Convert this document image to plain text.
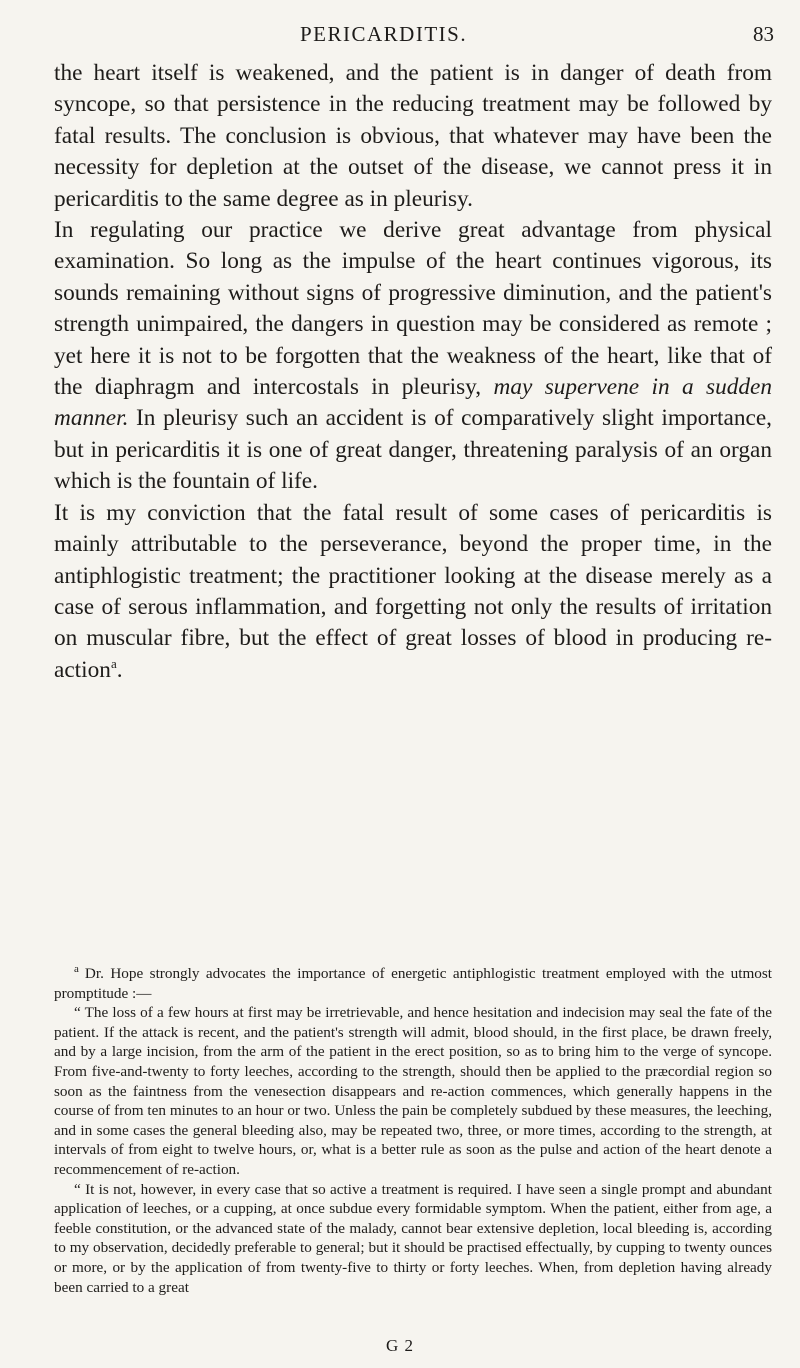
PERICARDITIS.	83

the heart itself is weakened, and the patient is in danger of death from syncope, so that persistence in the reducing treatment may be followed by fatal results. The conclusion is obvious, that whatever may have been the necessity for depletion at the outset of the disease, we cannot press it in pericarditis to the same degree as in pleurisy.

In regulating our practice we derive great advantage from physical examination. So long as the impulse of the heart continues vigorous, its sounds remaining without signs of progressive diminution, and the patient's strength unimpaired, the dangers in question may be considered as remote ; yet here it is not to be forgotten that the weakness of the heart, like that of the diaphragm and intercostals in pleurisy, may supervene in a sudden manner. In pleurisy such an accident is of comparatively slight importance, but in pericarditis it is one of great danger, threatening paralysis of an organ which is the fountain of life.

It is my conviction that the fatal result of some cases of pericarditis is mainly attributable to the perseverance, beyond the proper time, in the antiphlogistic treatment; the practitioner looking at the disease merely as a case of serous inflammation, and forgetting not only the results of irritation on muscular fibre, but the effect of great losses of blood in producing re-action$^a$.

$^a$ Dr. Hope strongly advocates the importance of energetic antiphlogistic treatment employed with the utmost promptitude :—

“ The loss of a few hours at first may be irretrievable, and hence hesitation and indecision may seal the fate of the patient. If the attack is recent, and the patient's strength will admit, blood should, in the first place, be drawn freely, and by a large incision, from the arm of the patient in the erect position, so as to bring him to the verge of syncope. From five-and-twenty to forty leeches, according to the strength, should then be applied to the præcordial region so soon as the faintness from the venesection disappears and re-action commences, which generally happens in the course of from ten minutes to an hour or two. Unless the pain be completely subdued by these measures, the leeching, and in some cases the general bleeding also, may be repeated two, three, or more times, according to the strength, at intervals of from eight to twelve hours, or, what is a better rule as soon as the pulse and action of the heart denote a recommencement of re-action.

“ It is not, however, in every case that so active a treatment is required. I have seen a single prompt and abundant application of leeches, or a cupping, at once subdue every formidable symptom. When the patient, either from age, a feeble constitution, or the advanced state of the malady, cannot bear extensive depletion, local bleeding is, according to my observation, decidedly preferable to general; but it should be practised effectually, by cupping to twenty ounces or more, or by the application of from twenty-five to thirty or forty leeches. When, from depletion having already been carried to a great

G 2
